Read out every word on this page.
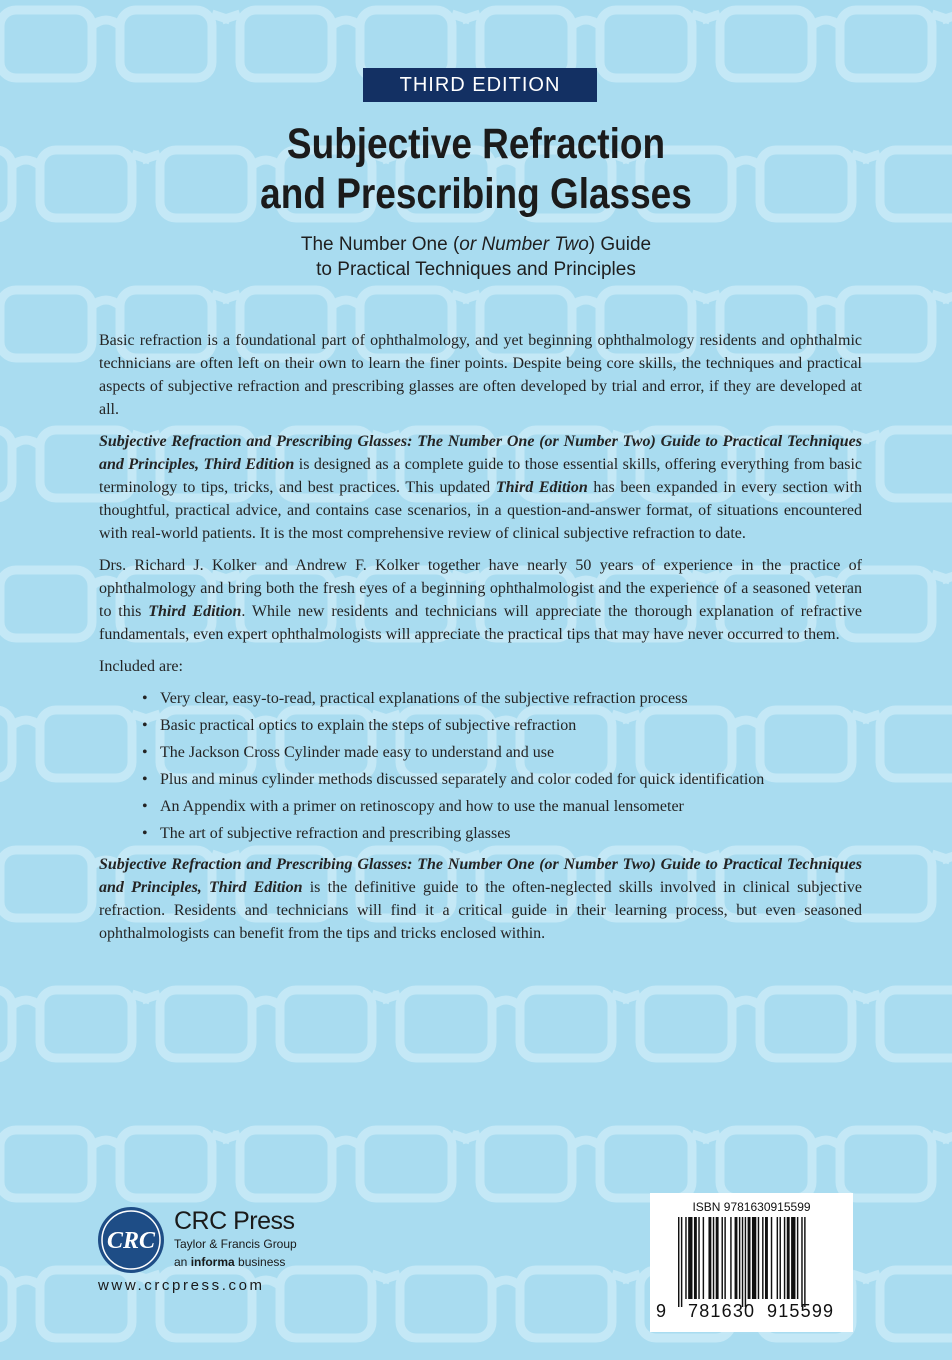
THIRD EDITION
Subjective Refraction
and Prescribing Glasses
The Number One (or Number Two) Guide
to Practical Techniques and Principles

Basic refraction is a foundational part of ophthalmology, and yet beginning ophthalmology residents and ophthalmic technicians are often left on their own to learn the finer points. Despite being core skills, the techniques and practical aspects of subjective refraction and prescribing glasses are often developed by trial and error, if they are developed at all.

Subjective Refraction and Prescribing Glasses: The Number One (or Number Two) Guide to Practical Techniques and Principles, Third Edition is designed as a complete guide to those essential skills, offering everything from basic terminology to tips, tricks, and best practices. This updated Third Edition has been expanded in every section with thoughtful, practical advice, and contains case scenarios, in a question-and-answer format, of situations encountered with real-world patients. It is the most comprehensive review of clinical subjective refraction to date.

Drs. Richard J. Kolker and Andrew F. Kolker together have nearly 50 years of experience in the practice of ophthalmology and bring both the fresh eyes of a beginning ophthalmologist and the experience of a seasoned veteran to this Third Edition. While new residents and technicians will appreciate the thorough explanation of refractive fundamentals, even expert ophthalmologists will appreciate the practical tips that may have never occurred to them.

Included are:

• Very clear, easy-to-read, practical explanations of the subjective refraction process
• Basic practical optics to explain the steps of subjective refraction
• The Jackson Cross Cylinder made easy to understand and use
• Plus and minus cylinder methods discussed separately and color coded for quick identification
• An Appendix with a primer on retinoscopy and how to use the manual lensometer
• The art of subjective refraction and prescribing glasses

Subjective Refraction and Prescribing Glasses: The Number One (or Number Two) Guide to Practical Techniques and Principles, Third Edition is the definitive guide to the often-neglected skills involved in clinical subjective refraction. Residents and technicians will find it a critical guide in their learning process, but even seasoned ophthalmologists can benefit from the tips and tricks enclosed within.

CRC
CRC Press
Taylor & Francis Group
an informa business
www.crcpress.com
ISBN 9781630915599
9 781630 915599
